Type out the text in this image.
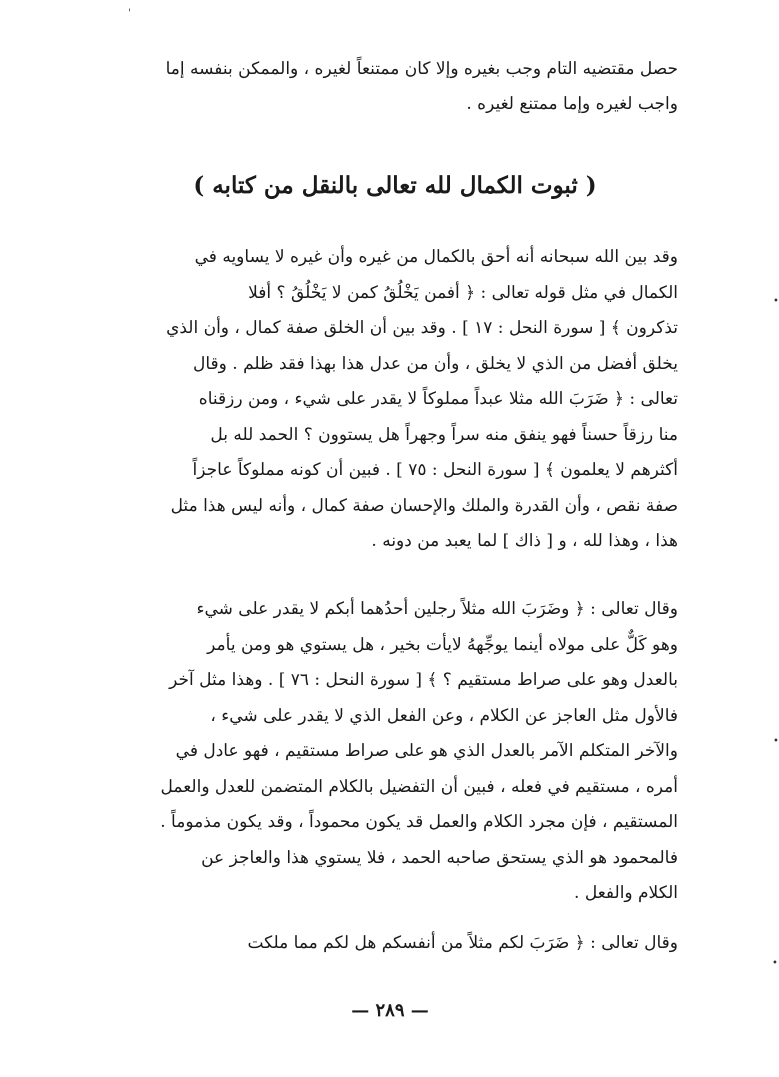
حصل مقتضيه التام وجب بغيره وإلا كان ممتنعاً لغيره ، والممكن بنفسه إما
واجب لغيره وإما ممتنع لغيره .
( ثبوت الكمال لله تعالى بالنقل من كتابه )
وقد بين الله سبحانه أنه أحق بالكمال من غيره وأن غيره لا يساويه في
الكمال في مثل قوله تعالى : ﴿ أفمن يَخْلُقُ كمن لا يَخْلُقُ ؟ أفلا
تذكرون ﴾ [ سورة النحل : ١٧ ] . وقد بين أن الخلق صفة كمال ، وأن الذي
يخلق أفضل من الذي لا يخلق ، وأن من عدل هذا بهذا فقد ظلم . وقال
تعالى : ﴿ ضَرَبَ الله مثلا عبداً مملوكاً لا يقدر على شيء ، ومن رزقناه
منا رزقاً حسناً فهو ينفق منه سراً وجهراً هل يستوون ؟ الحمد لله بل
أكثرهم لا يعلمون ﴾ [ سورة النحل : ٧٥ ] . فبين أن كونه مملوكاً عاجزاً
صفة نقص ، وأن القدرة والملك والإحسان صفة كمال ، وأنه ليس هذا مثل
هذا ، وهذا لله ، و [ ذاك ] لما يعبد من دونه .
وقال تعالى : ﴿ وضَرَبَ الله مثلاً رجلين أحدُهما أبكم لا يقدر على شيء
وهو كَلٌّ على مولاه أينما يوجِّههُ لايأت بخير ، هل يستوي هو ومن يأمر
بالعدل وهو على صراط مستقيم ؟ ﴾ [ سورة النحل : ٧٦ ] . وهذا مثل آخر
فالأول مثل العاجز عن الكلام ، وعن الفعل الذي لا يقدر على شيء ،
والآخر المتكلم الآمر بالعدل الذي هو على صراط مستقيم ، فهو عادل في
أمره ، مستقيم في فعله ، فبين أن التفضيل بالكلام المتضمن للعدل والعمل
المستقيم ، فإن مجرد الكلام والعمل قد يكون محموداً ، وقد يكون مذموماً .
فالمحمود هو الذي يستحق صاحبه الحمد ، فلا يستوي هذا والعاجز عن
الكلام والفعل .
وقال تعالى : ﴿ ضَرَبَ لكم مثلاً من أنفسكم هل لكم مما ملكت
— ٢٨٩ —
'
•
•
•
